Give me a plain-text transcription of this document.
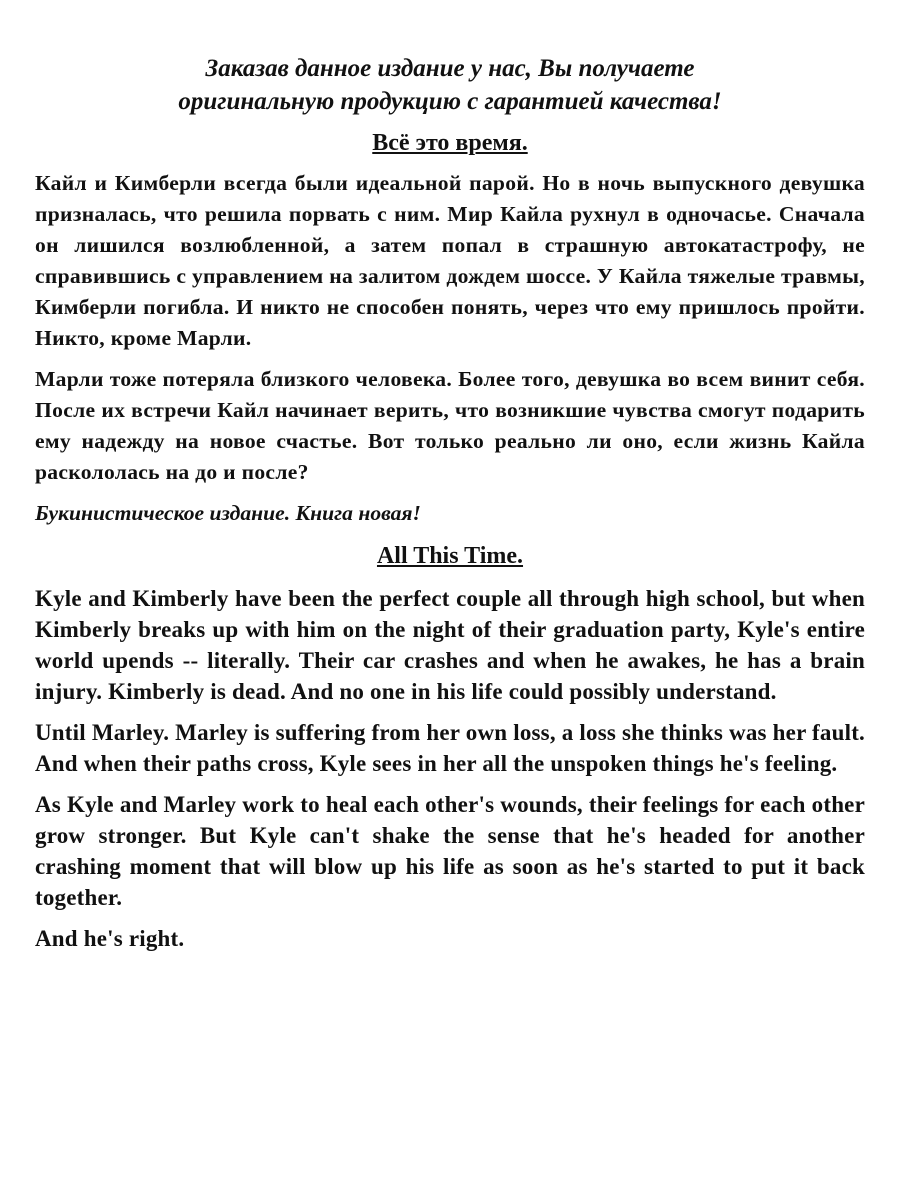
Заказав данное издание у нас, Вы получаете
оригинальную продукцию с гарантией качества!

Всё это время.

Кайл и Кимберли всегда были идеальной парой. Но в ночь выпускного девушка призналась, что решила порвать с ним. Мир Кайла рухнул в одночасье. Сначала он лишился возлюбленной, а затем попал в страшную автокатастрофу, не справившись с управлением на залитом дождем шоссе. У Кайла тяжелые травмы, Кимберли погибла. И никто не способен понять, через что ему пришлось пройти. Никто, кроме Марли.

Марли тоже потеряла близкого человека. Более того, девушка во всем винит себя. После их встречи Кайл начинает верить, что возникшие чувства смогут подарить ему надежду на новое счастье. Вот только реально ли оно, если жизнь Кайла раскололась на до и после?

Букинистическое издание. Книга новая!

All This Time.

Kyle and Kimberly have been the perfect couple all through high school, but when Kimberly breaks up with him on the night of their graduation party, Kyle's entire world upends -- literally. Their car crashes and when he awakes, he has a brain injury. Kimberly is dead. And no one in his life could possibly understand.

Until Marley. Marley is suffering from her own loss, a loss she thinks was her fault. And when their paths cross, Kyle sees in her all the unspoken things he's feeling.

As Kyle and Marley work to heal each other's wounds, their feelings for each other grow stronger. But Kyle can't shake the sense that he's headed for another crashing moment that will blow up his life as soon as he's started to put it back together.

And he's right.
